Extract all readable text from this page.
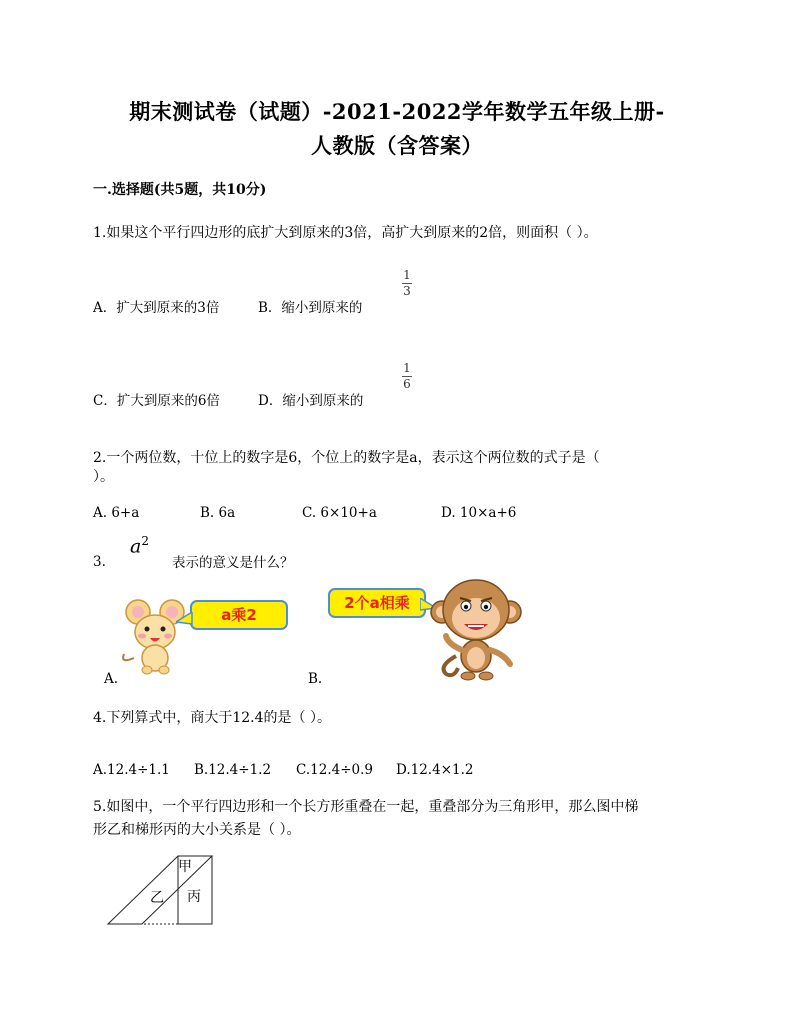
期末测试卷（试题）-2021-2022学年数学五年级上册-
人教版（含答案）
一.选择题(共5题，共10分)
1.如果这个平行四边形的底扩大到原来的3倍，高扩大到原来的2倍，则面积（ ）。
A．扩大到原来的3倍	B．缩小到原来的
1
3
C．扩大到原来的6倍	D．缩小到原来的
1
6
2.一个两位数，十位上的数字是6，个位上的数字是a，表示这个两位数的式子是（
）。
A. 6+a	B. 6a	C. 6×10+a	D. 10×a+6
3.
$a^2$
表示的意义是什么？
a乘2
A.
2个a相乘
B.
4.下列算式中，商大于12.4的是（ ）。
A.12.4÷1.1 B.12.4÷1.2 C.12.4÷0.9 D.12.4×1.2
5.如图中，一个平行四边形和一个长方形重叠在一起，重叠部分为三角形甲，那么图中梯
形乙和梯形丙的大小关系是（ ）。
甲
乙 丙
